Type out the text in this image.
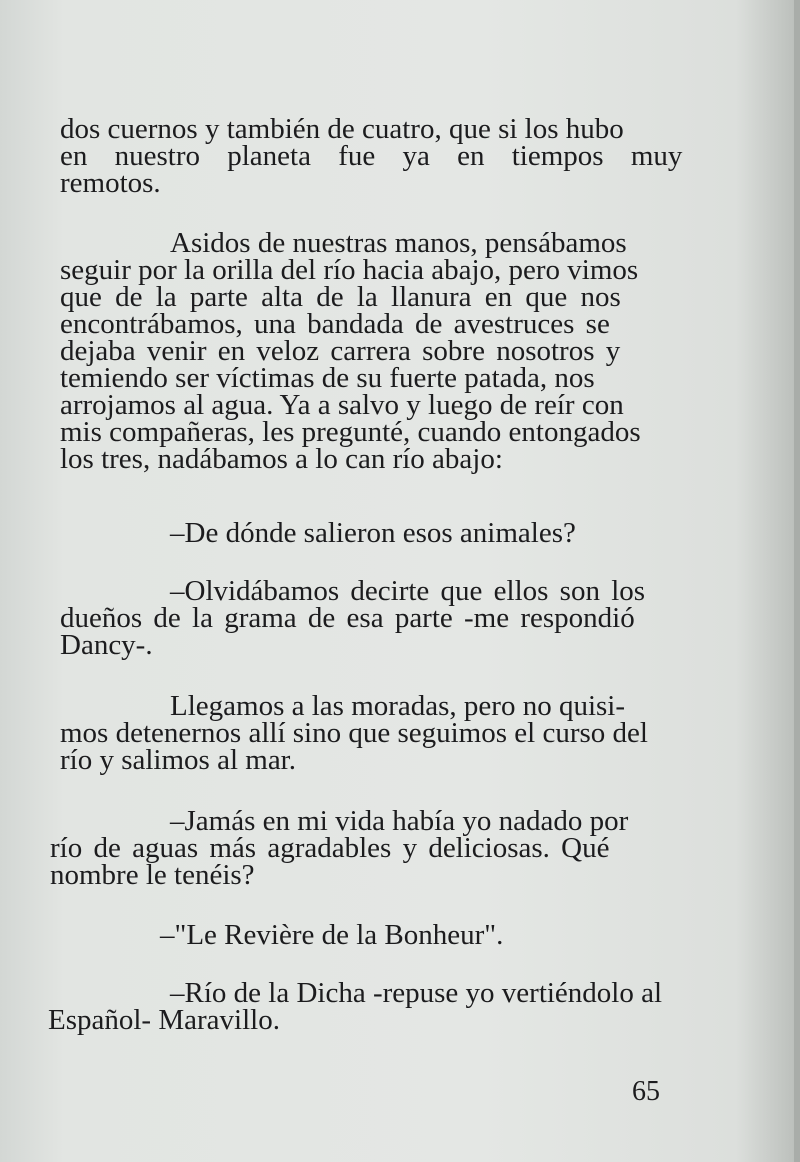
dos cuernos y también de cuatro, que si los hubo
en nuestro planeta fue ya en tiempos muy
remotos.
Asidos de nuestras manos, pensábamos
seguir por la orilla del río hacia abajo, pero vimos
que de la parte alta de la llanura en que nos
encontrábamos, una bandada de avestruces se
dejaba venir en veloz carrera sobre nosotros y
temiendo ser víctimas de su fuerte patada, nos
arrojamos al agua. Ya a salvo y luego de reír con
mis compañeras, les pregunté, cuando entongados
los tres, nadábamos a lo can río abajo:
–De dónde salieron esos animales?
–Olvidábamos decirte que ellos son los
dueños de la grama de esa parte -me respondió
Dancy-.
Llegamos a las moradas, pero no quisi-
mos detenernos allí sino que seguimos el curso del
río y salimos al mar.
–Jamás en mi vida había yo nadado por
río de aguas más agradables y deliciosas. Qué
nombre le tenéis?
–"Le Revière de la Bonheur".
–Río de la Dicha -repuse yo vertiéndolo al
Español- Maravillo.
65
